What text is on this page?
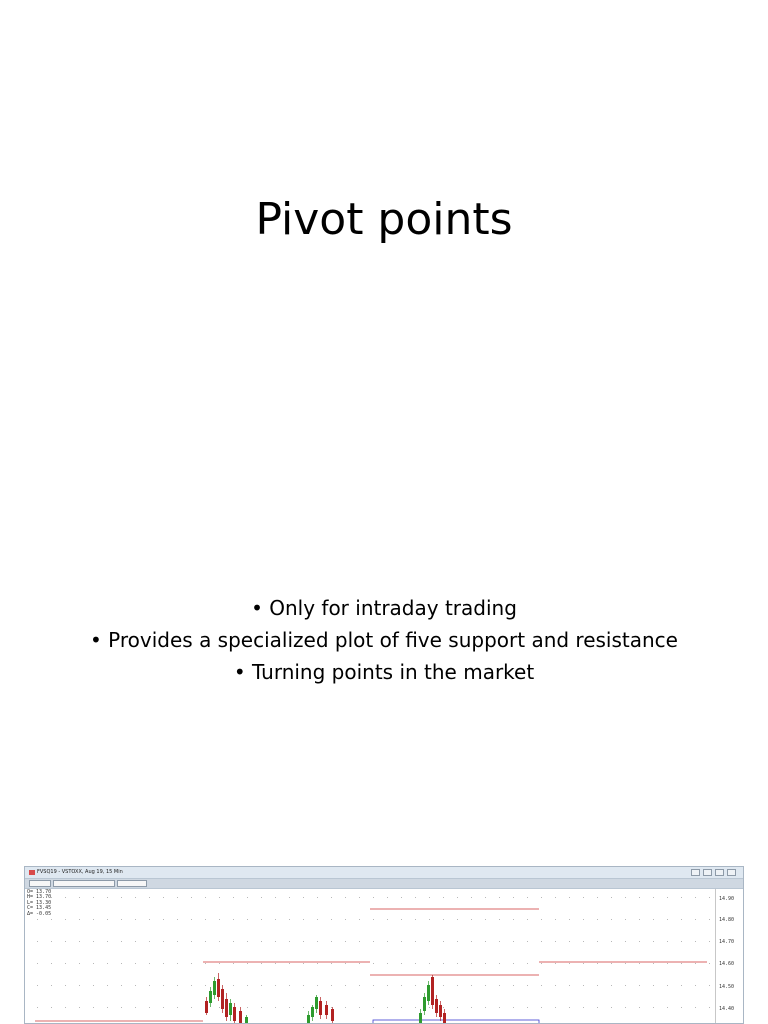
Pivot points
• Only for intraday trading
• Provides a specialized plot of five support and resistance
• Turning points in the market
FVSQ19 - VSTOXX, Aug 19, 15 Min
O= 13.70
H= 13.70
L= 13.30
C= 13.45
Δ= -0.05
14.90
14.80
14.70
14.60
14.50
14.40
